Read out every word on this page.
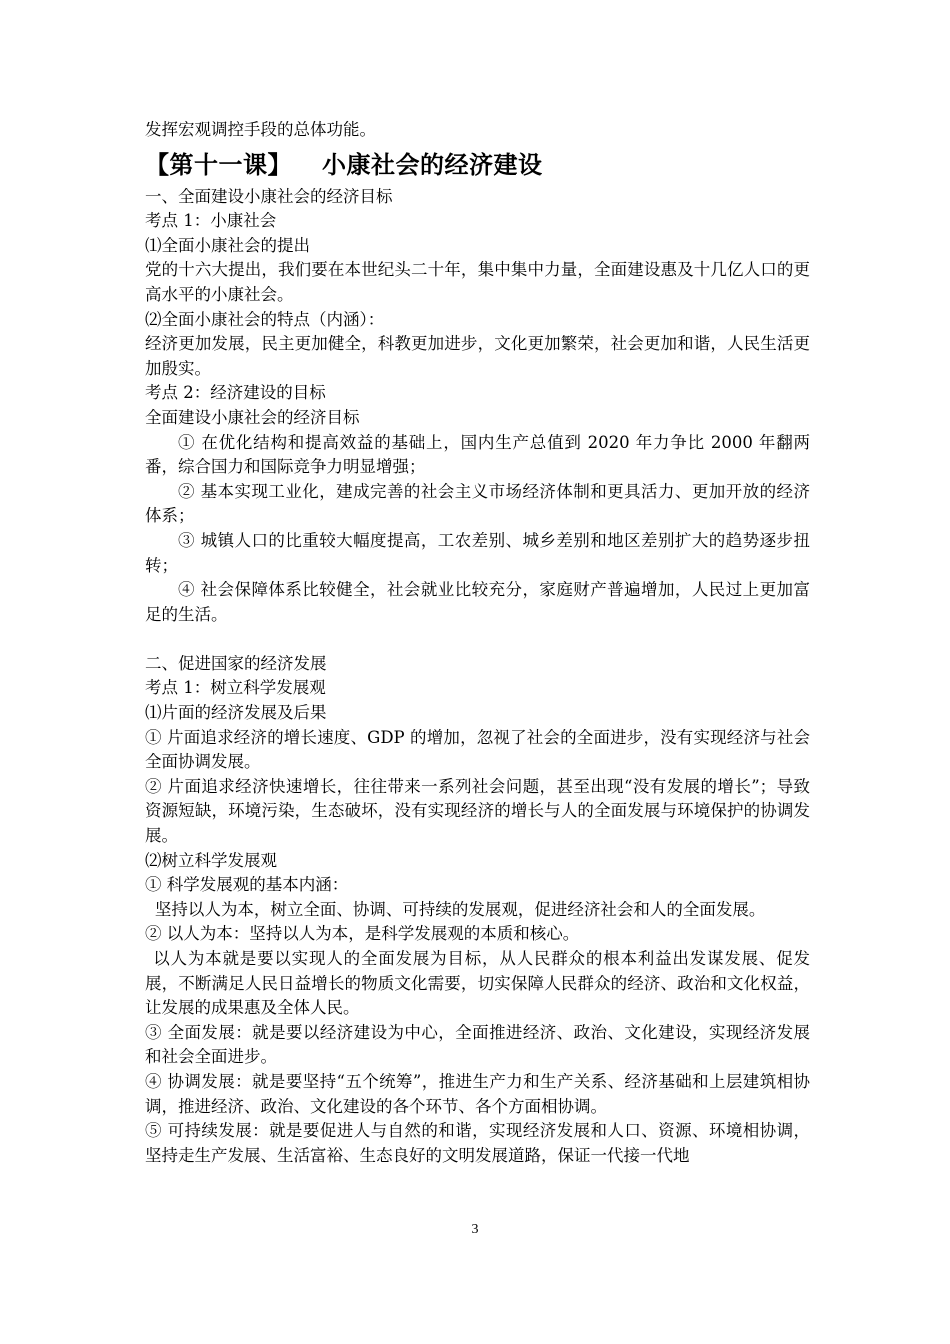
发挥宏观调控手段的总体功能。

【第十一课】 小康社会的经济建设

一、全面建设小康社会的经济目标

考点 1：小康社会

⑴全面小康社会的提出

党的十六大提出，我们要在本世纪头二十年，集中集中力量，全面建设惠及十几亿人口的更高水平的小康社会。

⑵全面小康社会的特点（内涵）：

经济更加发展，民主更加健全，科教更加进步，文化更加繁荣，社会更加和谐，人民生活更加殷实。

考点 2：经济建设的目标

全面建设小康社会的经济目标

① 在优化结构和提高效益的基础上，国内生产总值到 2020 年力争比 2000 年翻两番，综合国力和国际竞争力明显增强；

② 基本实现工业化，建成完善的社会主义市场经济体制和更具活力、更加开放的经济体系；

③ 城镇人口的比重较大幅度提高，工农差别、城乡差别和地区差别扩大的趋势逐步扭转；

④ 社会保障体系比较健全，社会就业比较充分，家庭财产普遍增加，人民过上更加富足的生活。

二、促进国家的经济发展

考点 1：树立科学发展观

⑴片面的经济发展及后果

① 片面追求经济的增长速度、GDP 的增加，忽视了社会的全面进步，没有实现经济与社会全面协调发展。

② 片面追求经济快速增长，往往带来一系列社会问题，甚至出现“没有发展的增长”；导致资源短缺，环境污染，生态破坏，没有实现经济的增长与人的全面发展与环境保护的协调发展。

⑵树立科学发展观

① 科学发展观的基本内涵：

坚持以人为本，树立全面、协调、可持续的发展观，促进经济社会和人的全面发展。

② 以人为本：坚持以人为本，是科学发展观的本质和核心。

以人为本就是要以实现人的全面发展为目标，从人民群众的根本利益出发谋发展、促发展，不断满足人民日益增长的物质文化需要，切实保障人民群众的经济、政治和文化权益，让发展的成果惠及全体人民。

③ 全面发展：就是要以经济建设为中心，全面推进经济、政治、文化建设，实现经济发展和社会全面进步。

④ 协调发展：就是要坚持“五个统筹”，推进生产力和生产关系、经济基础和上层建筑相协调，推进经济、政治、文化建设的各个环节、各个方面相协调。

⑤ 可持续发展：就是要促进人与自然的和谐，实现经济发展和人口、资源、环境相协调，坚持走生产发展、生活富裕、生态良好的文明发展道路，保证一代接一代地

3
